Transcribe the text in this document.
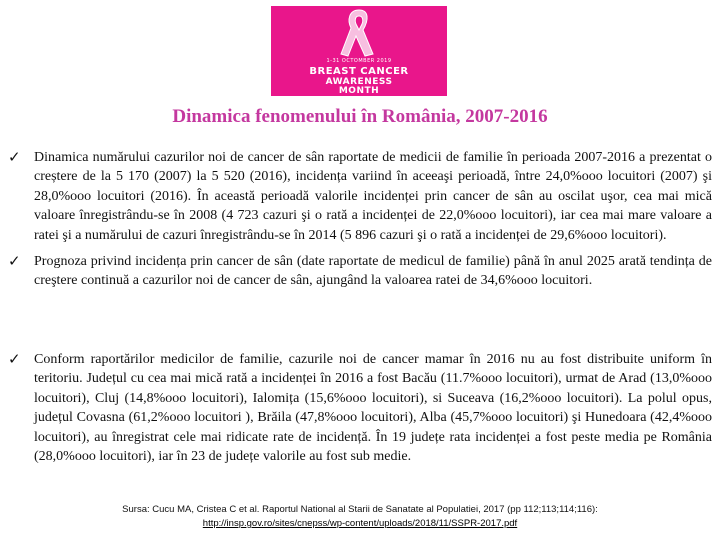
1-31 OCTOMBER 2019
BREAST CANCER
AWARENESS
MONTH
Dinamica fenomenului în România, 2007-2016
✓ Dinamica numărului cazurilor noi de cancer de sân raportate de medicii de familie în perioada 2007-2016 a prezentat o creștere de la 5 170 (2007) la 5 520 (2016), incidența variind în aceeaşi perioadă, între 24,0%ooo locuitori (2007) şi 28,0%ooo locuitori (2016). În această perioadă valorile incidenței prin cancer de sân au oscilat uşor, cea mai mică valoare înregistrându-se în 2008 (4 723 cazuri şi o rată a incidenței de 22,0%ooo locuitori), iar cea mai mare valoare a ratei şi a numărului de cazuri înregistrându-se în 2014 (5 896 cazuri şi o rată a incidenței de 29,6%ooo locuitori).

✓ Prognoza privind incidența prin cancer de sân (date raportate de medicul de familie) până în anul 2025 arată tendința de creştere continuă a cazurilor noi de cancer de sân, ajungând la valoarea ratei de 34,6%ooo locuitori.

✓ Conform raportărilor medicilor de familie, cazurile noi de cancer mamar în 2016 nu au fost distribuite uniform în teritoriu. Județul cu cea mai mică rată a incidenței în 2016 a fost Bacău (11.7%ooo locuitori), urmat de Arad (13,0%ooo locuitori), Cluj (14,8%ooo locuitori), Ialomița (15,6%ooo locuitori), si Suceava (16,2%ooo locuitori). La polul opus, județul Covasna (61,2%ooo locuitori ), Brăila (47,8%ooo locuitori), Alba (45,7%ooo locuitori) şi Hunedoara (42,4%ooo locuitori), au înregistrat cele mai ridicate rate de incidență. În 19 județe rata incidenței a fost peste media pe România (28,0%ooo locuitori), iar în 23 de județe valorile au fost sub medie.

Sursa: Cucu MA, Cristea C et al. Raportul National al Starii de Sanatate al Populatiei, 2017 (pp 112;113;114;116):
http://insp.gov.ro/sites/cnepss/wp-content/uploads/2018/11/SSPR-2017.pdf
